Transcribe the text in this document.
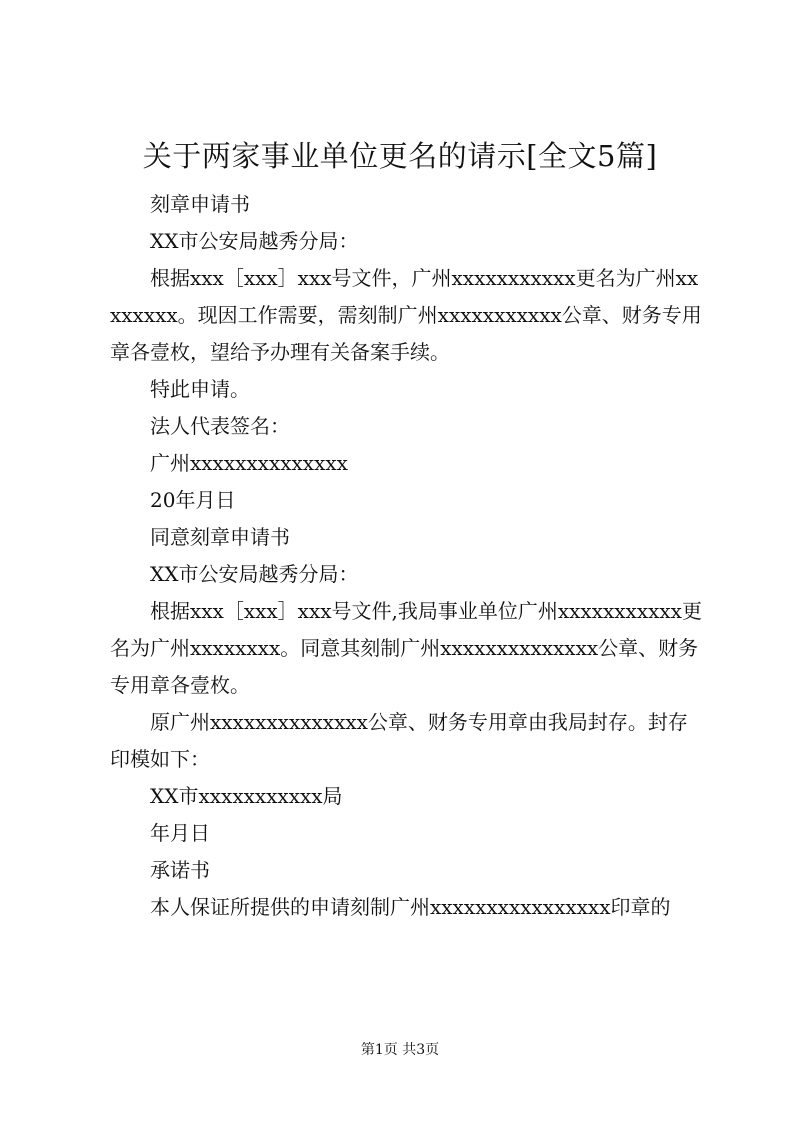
关于两家事业单位更名的请示[全文5篇]

刻章申请书

XX市公安局越秀分局：

根据xxx［xxx］xxx号文件，广州xxxxxxxxxxx更名为广州xxxxxxxx。现因工作需要，需刻制广州xxxxxxxxxxx公章、财务专用章各壹枚，望给予办理有关备案手续。

特此申请。

法人代表签名：

广州xxxxxxxxxxxxxx

20年月日

同意刻章申请书

XX市公安局越秀分局：

根据xxx［xxx］xxx号文件,我局事业单位广州xxxxxxxxxxx更名为广州xxxxxxxx。同意其刻制广州xxxxxxxxxxxxxx公章、财务专用章各壹枚。

原广州xxxxxxxxxxxxxx公章、财务专用章由我局封存。封存印模如下：

XX市xxxxxxxxxxx局

年月日

承诺书

本人保证所提供的申请刻制广州xxxxxxxxxxxxxxxx印章的

第1页 共3页
